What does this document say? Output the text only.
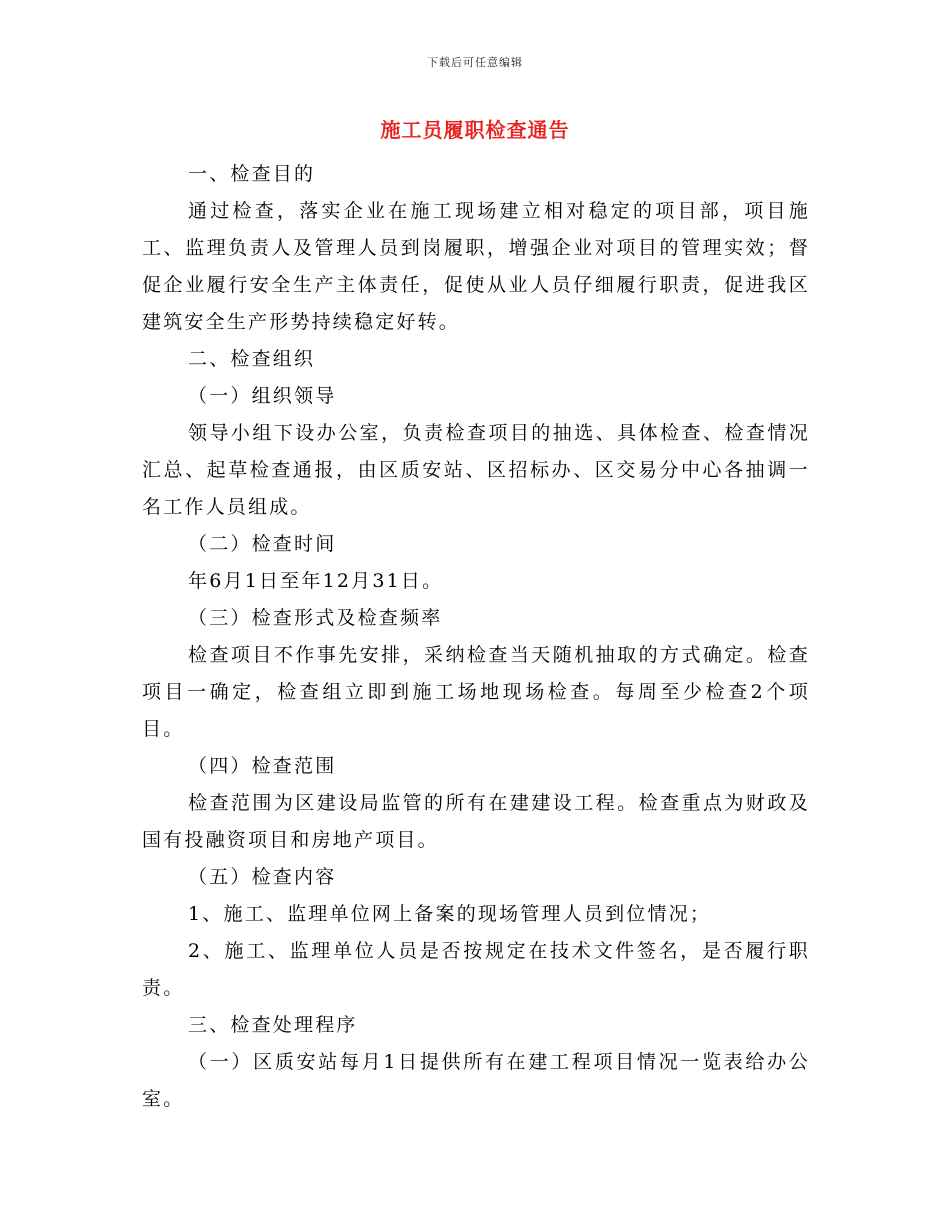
下载后可任意编辑
施工员履职检查通告

一、检查目的

通过检查，落实企业在施工现场建立相对稳定的项目部，项目施工、监理负责人及管理人员到岗履职，增强企业对项目的管理实效；督促企业履行安全生产主体责任，促使从业人员仔细履行职责，促进我区建筑安全生产形势持续稳定好转。

二、检查组织

（一）组织领导

领导小组下设办公室，负责检查项目的抽选、具体检查、检查情况汇总、起草检查通报，由区质安站、区招标办、区交易分中心各抽调一名工作人员组成。

（二）检查时间

年6月1日至年12月31日。

（三）检查形式及检查频率

检查项目不作事先安排，采纳检查当天随机抽取的方式确定。检查项目一确定，检查组立即到施工场地现场检查。每周至少检查2个项目。

（四）检查范围

检查范围为区建设局监管的所有在建建设工程。检查重点为财政及国有投融资项目和房地产项目。

（五）检查内容

1、施工、监理单位网上备案的现场管理人员到位情况；

2、施工、监理单位人员是否按规定在技术文件签名，是否履行职责。

三、检查处理程序

（一）区质安站每月1日提供所有在建工程项目情况一览表给办公室。
